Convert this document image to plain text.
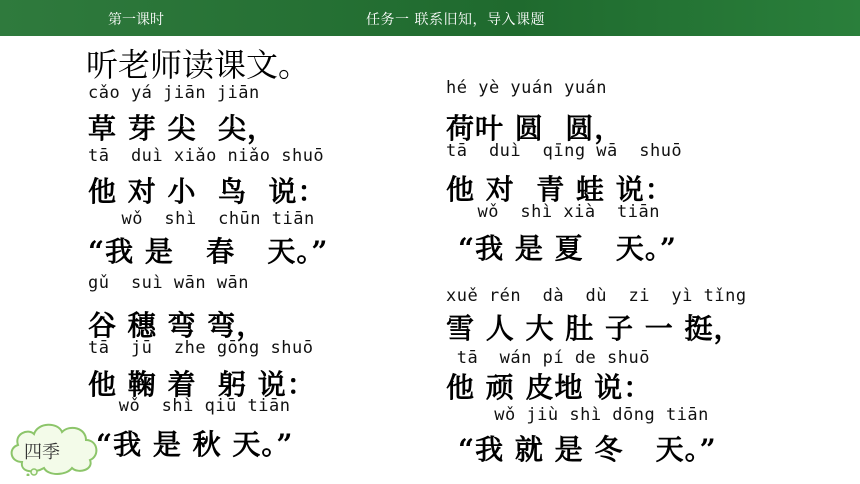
第一课时	任务一 联系旧知，导入课题
听老师读课文。
cǎo yá jiān jiān
草 芽 尖  尖，
tā  duì xiǎo niǎo shuō
他 对 小  鸟  说：
wǒ  shì  chūn tiān
“我 是   春   天。”
gǔ  suì wān wān
谷 穗 弯 弯，
tā  jū  zhe gōng shuō
他 鞠 着  躬 说：
wǒ  shì qiū tiān
“我 是 秋 天。”
hé yè yuán yuán
荷叶 圆  圆，
tā  duì  qīng wā  shuō
他 对  青 蛙 说：
wǒ  shì xià  tiān
“我 是 夏   天。”
xuě rén  dà  dù  zi  yì tǐng
雪 人 大 肚 子 一 挺，
tā  wán pí de shuō
他 顽 皮地 说：
wǒ jiù shì dōng tiān
“我 就 是 冬   天。”
四季
